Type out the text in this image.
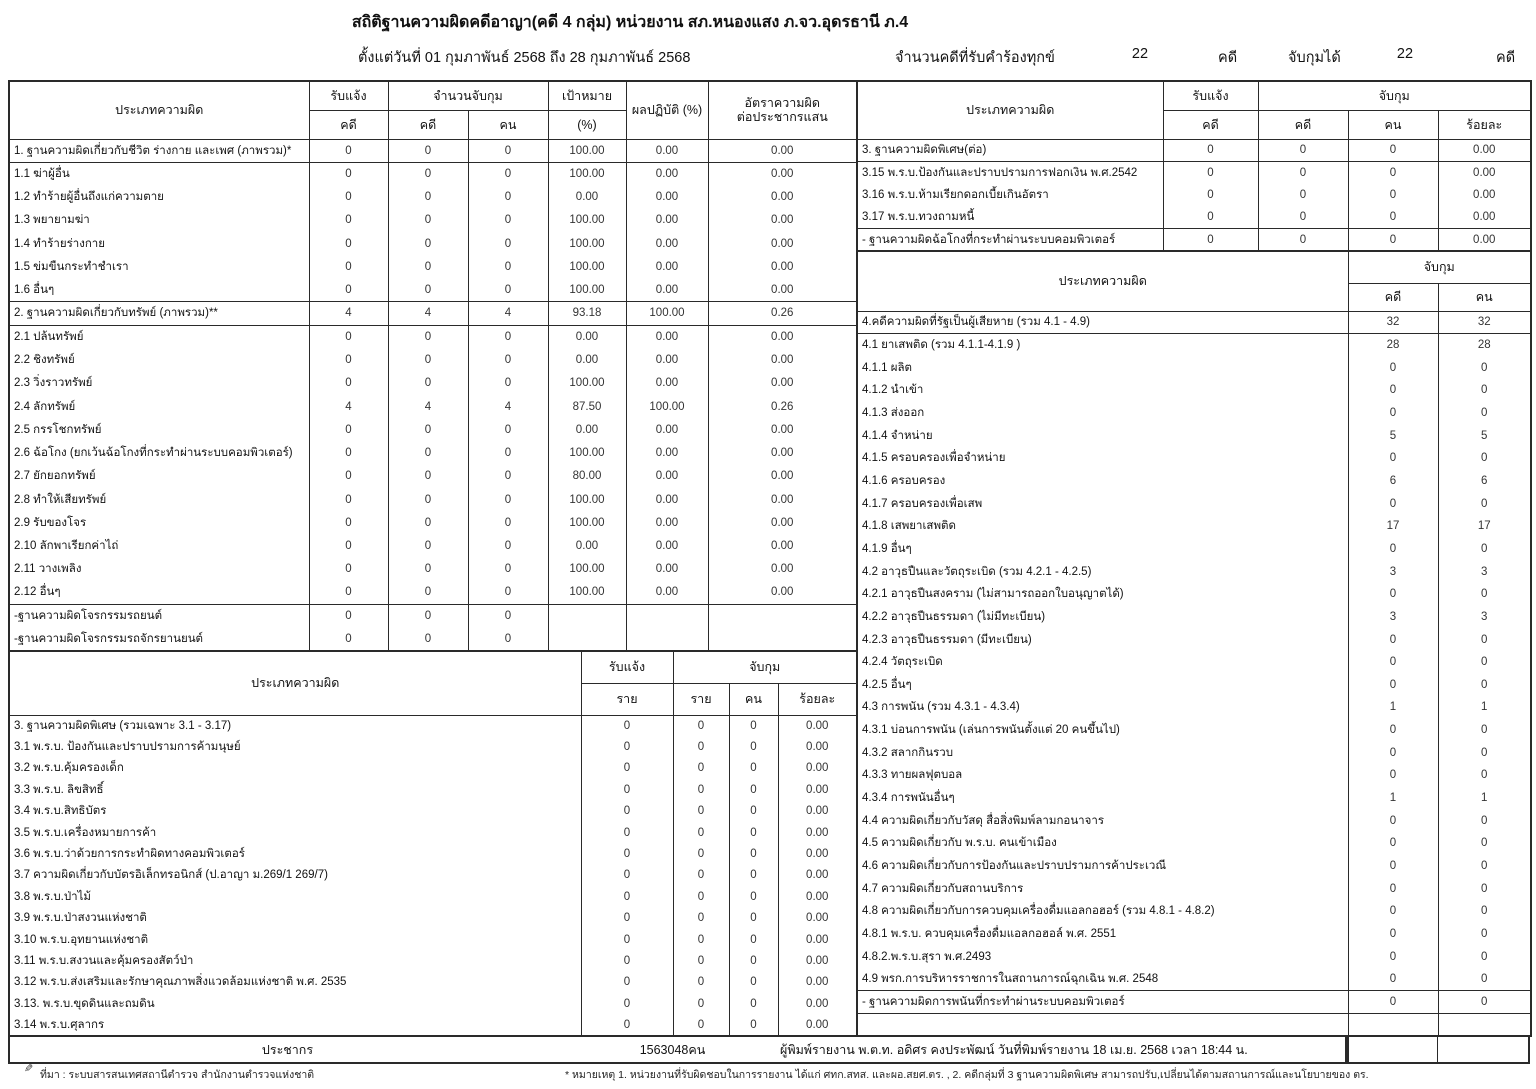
สถิติฐานความผิดคดีอาญา(คดี 4 กลุ่ม) หน่วยงาน สภ.หนองแสง ภ.จว.อุดรธานี ภ.4
ตั้งแต่วันที่ 01 กุมภาพันธ์ 2568 ถึง 28 กุมภาพันธ์ 2568	จำนวนคดีที่รับคำร้องทุกข์	22	คดี	จับกุมได้	22	คดี
ประเภทความผิด	รับแจ้ง	จำนวนจับกุม		เป้าหมาย	ผลปฏิบัติ (%)	อัตราความผิด
ต่อประชากรแสน

	คดี	คดี	คน	(%)		
1. ฐานความผิดเกี่ยวกับชีวิต ร่างกาย และเพศ (ภาพรวม)*	0	0	0	100.00	0.00	0.00
1.1 ฆ่าผู้อื่น	0	0	0	100.00	0.00	0.00
1.2 ทำร้ายผู้อื่นถึงแก่ความตาย	0	0	0	0.00	0.00	0.00
1.3 พยายามฆ่า	0	0	0	100.00	0.00	0.00
1.4 ทำร้ายร่างกาย	0	0	0	100.00	0.00	0.00
1.5 ข่มขืนกระทำชำเรา	0	0	0	100.00	0.00	0.00
1.6 อื่นๆ	0	0	0	100.00	0.00	0.00
2. ฐานความผิดเกี่ยวกับทรัพย์ (ภาพรวม)**	4	4	4	93.18	100.00	0.26
2.1 ปล้นทรัพย์	0	0	0	0.00	0.00	0.00
2.2 ชิงทรัพย์	0	0	0	0.00	0.00	0.00
2.3 วิ่งราวทรัพย์	0	0	0	100.00	0.00	0.00
2.4 ลักทรัพย์	4	4	4	87.50	100.00	0.26
2.5 กรรโชกทรัพย์	0	0	0	0.00	0.00	0.00
2.6 ฉ้อโกง (ยกเว้นฉ้อโกงที่กระทำผ่านระบบคอมพิวเตอร์)	0	0	0	100.00	0.00	0.00
2.7 ยักยอกทรัพย์	0	0	0	80.00	0.00	0.00
2.8 ทำให้เสียทรัพย์	0	0	0	100.00	0.00	0.00
2.9 รับของโจร	0	0	0	100.00	0.00	0.00
2.10 ลักพาเรียกค่าไถ่	0	0	0	0.00	0.00	0.00
2.11 วางเพลิง	0	0	0	100.00	0.00	0.00
2.12 อื่นๆ	0	0	0	100.00	0.00	0.00
-ฐานความผิดโจรกรรมรถยนต์	0	0	0			
-ฐานความผิดโจรกรรมรถจักรยานยนต์	0	0	0			
ประเภทความผิด	รับแจ้ง	จับกุม		
	ราย	ราย	คน	ร้อยละ
3. ฐานความผิดพิเศษ (รวมเฉพาะ 3.1 - 3.17)	0	0	0	0.00
3.1 พ.ร.บ. ป้องกันและปราบปรามการค้ามนุษย์	0	0	0	0.00
3.2 พ.ร.บ.คุ้มครองเด็ก	0	0	0	0.00
3.3 พ.ร.บ. ลิขสิทธิ์	0	0	0	0.00
3.4 พ.ร.บ.สิทธิบัตร	0	0	0	0.00
3.5 พ.ร.บ.เครื่องหมายการค้า	0	0	0	0.00
3.6 พ.ร.บ.ว่าด้วยการกระทำผิดทางคอมพิวเตอร์	0	0	0	0.00
3.7 ความผิดเกี่ยวกับบัตรอิเล็กทรอนิกส์ (ป.อาญา ม.269/1 269/7)	0	0	0	0.00
3.8 พ.ร.บ.ป่าไม้	0	0	0	0.00
3.9 พ.ร.บ.ป่าสงวนแห่งชาติ	0	0	0	0.00
3.10 พ.ร.บ.อุทยานแห่งชาติ	0	0	0	0.00
3.11 พ.ร.บ.สงวนและคุ้มครองสัตว์ป่า	0	0	0	0.00
3.12 พ.ร.บ.ส่งเสริมและรักษาคุณภาพสิ่งแวดล้อมแห่งชาติ พ.ศ. 2535	0	0	0	0.00
3.13. พ.ร.บ.ขุดดินและถมดิน	0	0	0	0.00
3.14 พ.ร.บ.ศุลากร	0	0	0	0.00
ประเภทความผิด	รับแจ้ง	จับกุม		
	คดี	คดี	คน	ร้อยละ
3. ฐานความผิดพิเศษ(ต่อ)	0	0	0	0.00
3.15 พ.ร.บ.ป้องกันและปราบปรามการฟอกเงิน พ.ศ.2542	0	0	0	0.00
3.16 พ.ร.บ.ห้ามเรียกดอกเบี้ยเกินอัตรา	0	0	0	0.00
3.17 พ.ร.บ.ทวงถามหนี้	0	0	0	0.00
- ฐานความผิดฉ้อโกงที่กระทำผ่านระบบคอมพิวเตอร์	0	0	0	0.00
ประเภทความผิด	จับกุม	
	คดี	คน
4.คดีความผิดที่รัฐเป็นผู้เสียหาย (รวม 4.1 - 4.9)	32	32
4.1 ยาเสพติด (รวม 4.1.1-4.1.9 )	28	28
4.1.1 ผลิต	0	0
4.1.2 นำเข้า	0	0
4.1.3 ส่งออก	0	0
4.1.4 จำหน่าย	5	5
4.1.5 ครอบครองเพื่อจำหน่าย	0	0
4.1.6 ครอบครอง	6	6
4.1.7 ครอบครองเพื่อเสพ	0	0
4.1.8 เสพยาเสพติด	17	17
4.1.9 อื่นๆ	0	0
4.2 อาวุธปืนและวัตถุระเบิด (รวม 4.2.1 - 4.2.5)	3	3
4.2.1 อาวุธปืนสงคราม (ไม่สามารถออกใบอนุญาตได้)	0	0
4.2.2 อาวุธปืนธรรมดา (ไม่มีทะเบียน)	3	3
4.2.3 อาวุธปืนธรรมดา (มีทะเบียน)	0	0
4.2.4 วัตถุระเบิด	0	0
4.2.5 อื่นๆ	0	0
4.3 การพนัน (รวม 4.3.1 - 4.3.4)	1	1
4.3.1 บ่อนการพนัน (เล่นการพนันตั้งแต่ 20 คนขึ้นไป)	0	0
4.3.2 สลากกินรวบ	0	0
4.3.3 ทายผลฟุตบอล	0	0
4.3.4 การพนันอื่นๆ	1	1
4.4 ความผิดเกี่ยวกับวัสดุ สื่อสิ่งพิมพ์ลามกอนาจาร	0	0
4.5 ความผิดเกี่ยวกับ พ.ร.บ. คนเข้าเมือง	0	0
4.6 ความผิดเกี่ยวกับการป้องกันและปราบปรามการค้าประเวณี	0	0
4.7 ความผิดเกี่ยวกับสถานบริการ	0	0
4.8 ความผิดเกี่ยวกับการควบคุมเครื่องดื่มแอลกอฮอร์ (รวม 4.8.1 - 4.8.2)	0	0
4.8.1 พ.ร.บ. ควบคุมเครื่องดื่มแอลกอฮอล์ พ.ศ. 2551	0	0
4.8.2.พ.ร.บ.สุรา พ.ศ.2493	0	0
4.9 พรก.การบริหารราชการในสถานการณ์ฉุกเฉิน พ.ศ. 2548	0	0
- ฐานความผิดการพนันที่กระทำผ่านระบบคอมพิวเตอร์	0	0

ประชากร	1563048คน	ผู้พิมพ์รายงาน พ.ต.ท. อดิศร คงประพัฒน์ วันที่พิมพ์รายงาน 18 เม.ย. 2568 เวลา 18:44 น.
✎ ที่มา : ระบบสารสนเทศสถานีตำรวจ สำนักงานตำรวจแห่งชาติ	* หมายเหตุ 1. หน่วยงานที่รับผิดชอบในการรายงาน ได้แก่ ศทก.สทส. และผอ.สยศ.ตร. , 2. คดีกลุ่มที่ 3 ฐานความผิดพิเศษ สามารถปรับ,เปลี่ยนได้ตามสถานการณ์และนโยบายของ ตร.
